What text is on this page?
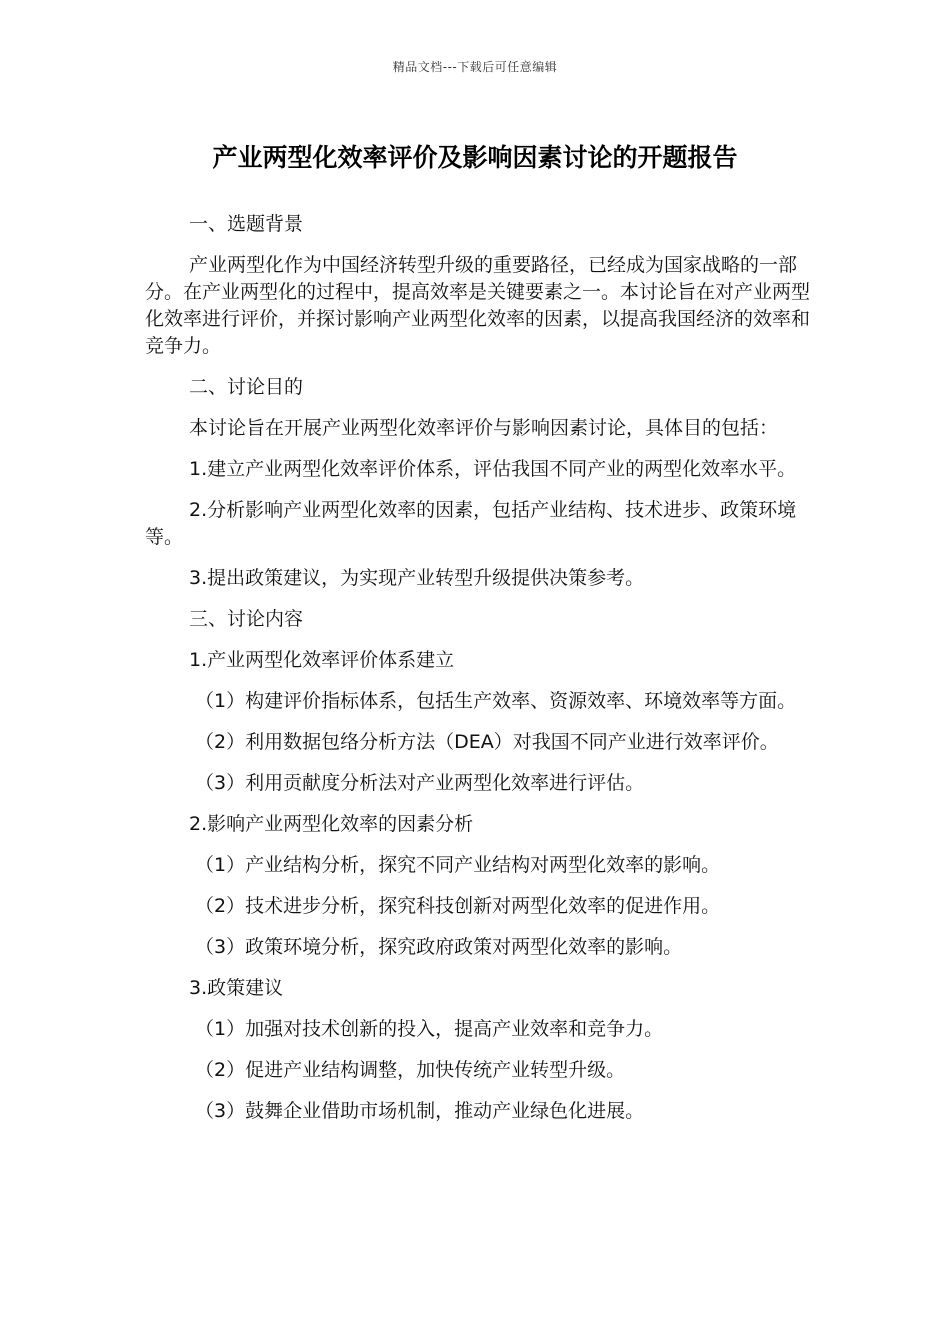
精品文档---下载后可任意编辑
产业两型化效率评价及影响因素讨论的开题报告

一、选题背景

产业两型化作为中国经济转型升级的重要路径，已经成为国家战略的一部分。在产业两型化的过程中，提高效率是关键要素之一。本讨论旨在对产业两型化效率进行评价，并探讨影响产业两型化效率的因素，以提高我国经济的效率和竞争力。

二、讨论目的

本讨论旨在开展产业两型化效率评价与影响因素讨论，具体目的包括：

1.建立产业两型化效率评价体系，评估我国不同产业的两型化效率水平。

2.分析影响产业两型化效率的因素，包括产业结构、技术进步、政策环境等。

3.提出政策建议，为实现产业转型升级提供决策参考。

三、讨论内容

1.产业两型化效率评价体系建立

（1）构建评价指标体系，包括生产效率、资源效率、环境效率等方面。

（2）利用数据包络分析方法（DEA）对我国不同产业进行效率评价。

（3）利用贡献度分析法对产业两型化效率进行评估。

2.影响产业两型化效率的因素分析

（1）产业结构分析，探究不同产业结构对两型化效率的影响。

（2）技术进步分析，探究科技创新对两型化效率的促进作用。

（3）政策环境分析，探究政府政策对两型化效率的影响。

3.政策建议

（1）加强对技术创新的投入，提高产业效率和竞争力。

（2）促进产业结构调整，加快传统产业转型升级。

（3）鼓舞企业借助市场机制，推动产业绿色化进展。
